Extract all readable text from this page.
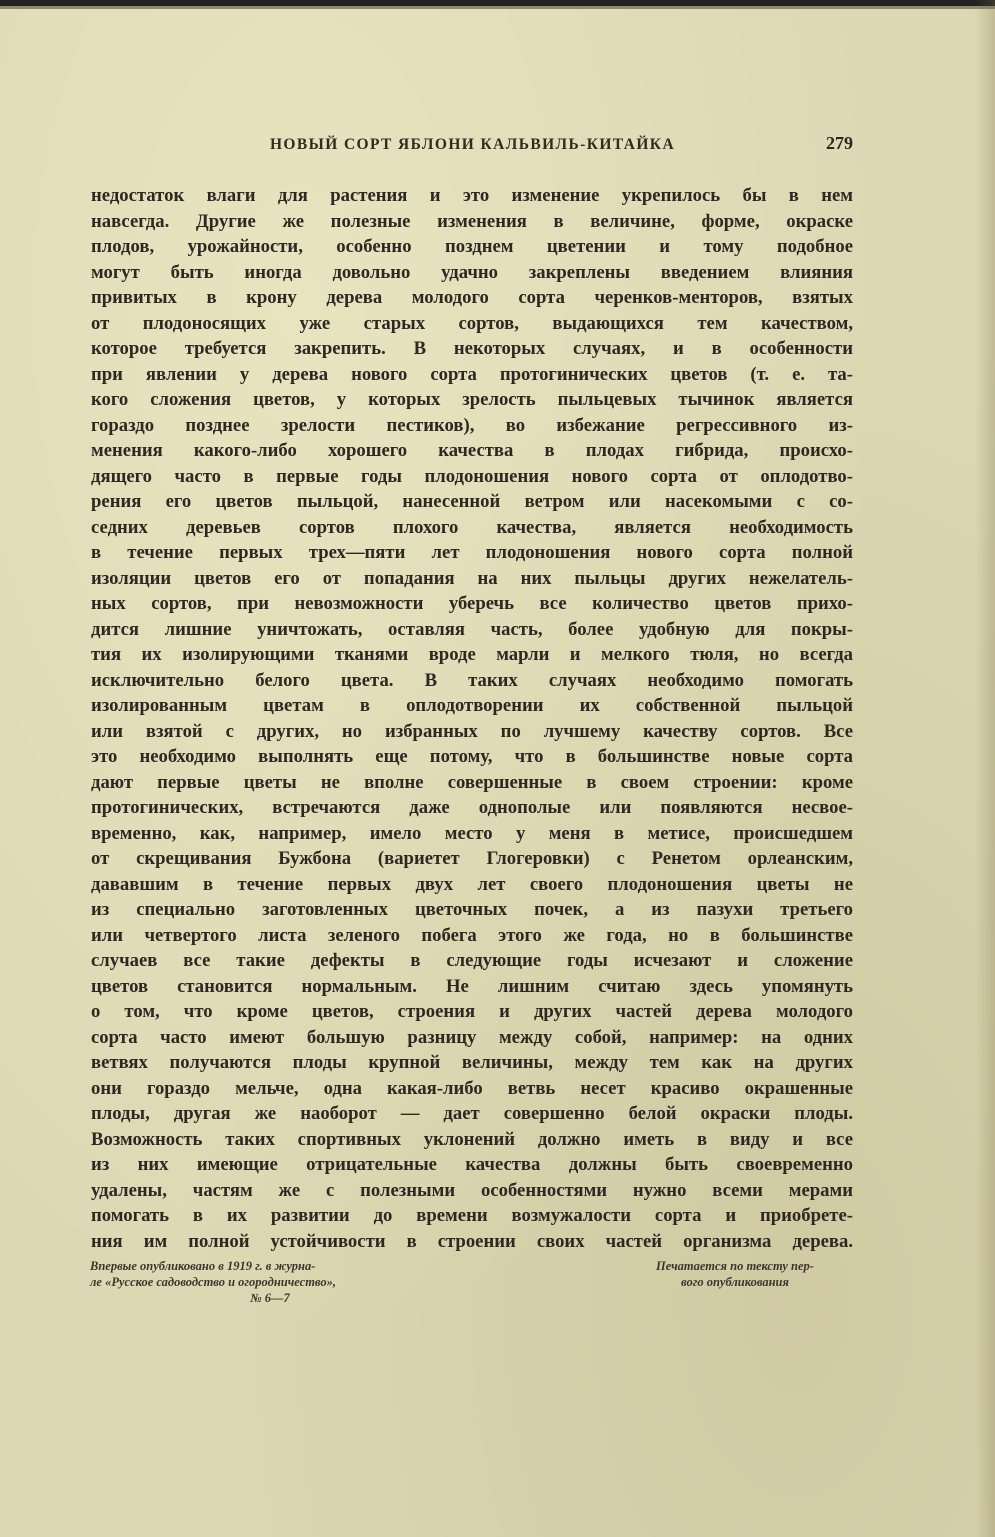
НОВЫЙ СОРТ ЯБЛОНИ КАЛЬВИЛЬ-КИТАЙКА	279
недостаток влаги для растения и это изменение укрепилось бы в нем
навсегда. Другие же полезные изменения в величине, форме, окраске
плодов, урожайности, особенно позднем цветении и тому подобное
могут быть иногда довольно удачно закреплены введением влияния
привитых в крону дерева молодого сорта черенков-менторов, взятых
от плодоносящих уже старых сортов, выдающихся тем качеством,
которое требуется закрепить. В некоторых случаях, и в особенности
при явлении у дерева нового сорта протогинических цветов (т. е. та-
кого сложения цветов, у которых зрелость пыльцевых тычинок является
гораздо позднее зрелости пестиков), во избежание регрессивного из-
менения какого-либо хорошего качества в плодах гибрида, происхо-
дящего часто в первые годы плодоношения нового сорта от оплодотво-
рения его цветов пыльцой, нанесенной ветром или насекомыми с со-
седних деревьев сортов плохого качества, является необходимость
в течение первых трех—пяти лет плодоношения нового сорта полной
изоляции цветов его от попадания на них пыльцы других нежелатель-
ных сортов, при невозможности уберечь все количество цветов прихо-
дится лишние уничтожать, оставляя часть, более удобную для покры-
тия их изолирующими тканями вроде марли и мелкого тюля, но всегда
исключительно белого цвета. В таких случаях необходимо помогать
изолированным цветам в оплодотворении их собственной пыльцой
или взятой с других, но избранных по лучшему качеству сортов. Все
это необходимо выполнять еще потому, что в большинстве новые сорта
дают первые цветы не вполне совершенные в своем строении: кроме
протогинических, встречаются даже однополые или появляются несвое-
временно, как, например, имело место у меня в метисе, происшедшем
от скрещивания Бужбона (вариетет Глогеровки) с Ренетом орлеанским,
дававшим в течение первых двух лет своего плодоношения цветы не
из специально заготовленных цветочных почек, а из пазухи третьего
или четвертого листа зеленого побега этого же года, но в большинстве
случаев все такие дефекты в следующие годы исчезают и сложение
цветов становится нормальным. Не лишним считаю здесь упомянуть
о том, что кроме цветов, строения и других частей дерева молодого
сорта часто имеют большую разницу между собой, например: на одних
ветвях получаются плоды крупной величины, между тем как на других
они гораздо мельче, одна какая-либо ветвь несет красиво окрашенные
плоды, другая же наоборот — дает совершенно белой окраски плоды.
Возможность таких спортивных уклонений должно иметь в виду и все
из них имеющие отрицательные качества должны быть своевременно
удалены, частям же с полезными особенностями нужно всеми мерами
помогать в их развитии до времени возмужалости сорта и приобрете-
ния им полной устойчивости в строении своих частей организма дерева.
Впервые опубликовано в 1919 г. в журна-
ле «Русское садоводство и огородничество»,
№ 6—7
Печатается по тексту пер-
вого опубликования
